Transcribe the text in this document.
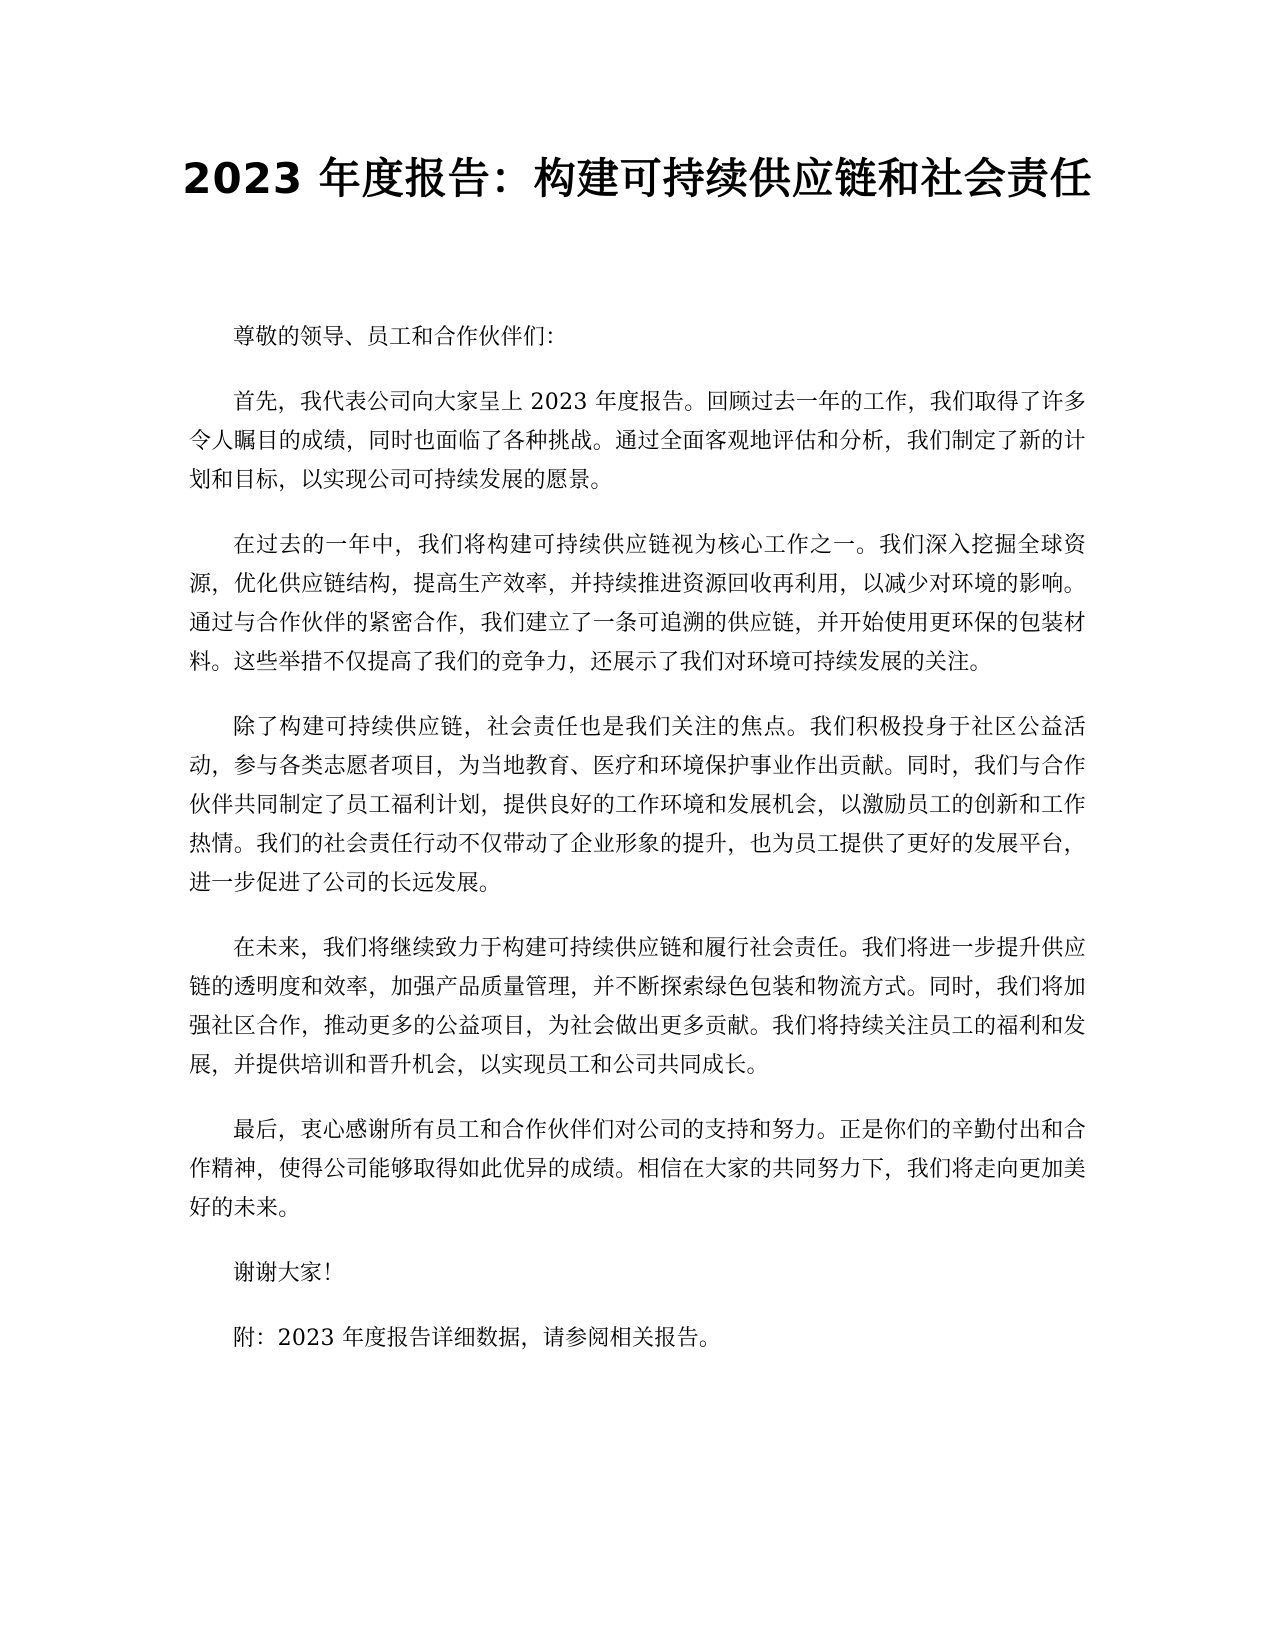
2023 年度报告：构建可持续供应链和社会责任

尊敬的领导、员工和合作伙伴们：

首先，我代表公司向大家呈上 2023 年度报告。回顾过去一年的工作，我们取得了许多令人瞩目的成绩，同时也面临了各种挑战。通过全面客观地评估和分析，我们制定了新的计划和目标，以实现公司可持续发展的愿景。

在过去的一年中，我们将构建可持续供应链视为核心工作之一。我们深入挖掘全球资源，优化供应链结构，提高生产效率，并持续推进资源回收再利用，以减少对环境的影响。通过与合作伙伴的紧密合作，我们建立了一条可追溯的供应链，并开始使用更环保的包装材料。这些举措不仅提高了我们的竞争力，还展示了我们对环境可持续发展的关注。

除了构建可持续供应链，社会责任也是我们关注的焦点。我们积极投身于社区公益活动，参与各类志愿者项目，为当地教育、医疗和环境保护事业作出贡献。同时，我们与合作伙伴共同制定了员工福利计划，提供良好的工作环境和发展机会，以激励员工的创新和工作热情。我们的社会责任行动不仅带动了企业形象的提升，也为员工提供了更好的发展平台，进一步促进了公司的长远发展。

在未来，我们将继续致力于构建可持续供应链和履行社会责任。我们将进一步提升供应链的透明度和效率，加强产品质量管理，并不断探索绿色包装和物流方式。同时，我们将加强社区合作，推动更多的公益项目，为社会做出更多贡献。我们将持续关注员工的福利和发展，并提供培训和晋升机会，以实现员工和公司共同成长。

最后，衷心感谢所有员工和合作伙伴们对公司的支持和努力。正是你们的辛勤付出和合作精神，使得公司能够取得如此优异的成绩。相信在大家的共同努力下，我们将走向更加美好的未来。

谢谢大家！

附：2023 年度报告详细数据，请参阅相关报告。
